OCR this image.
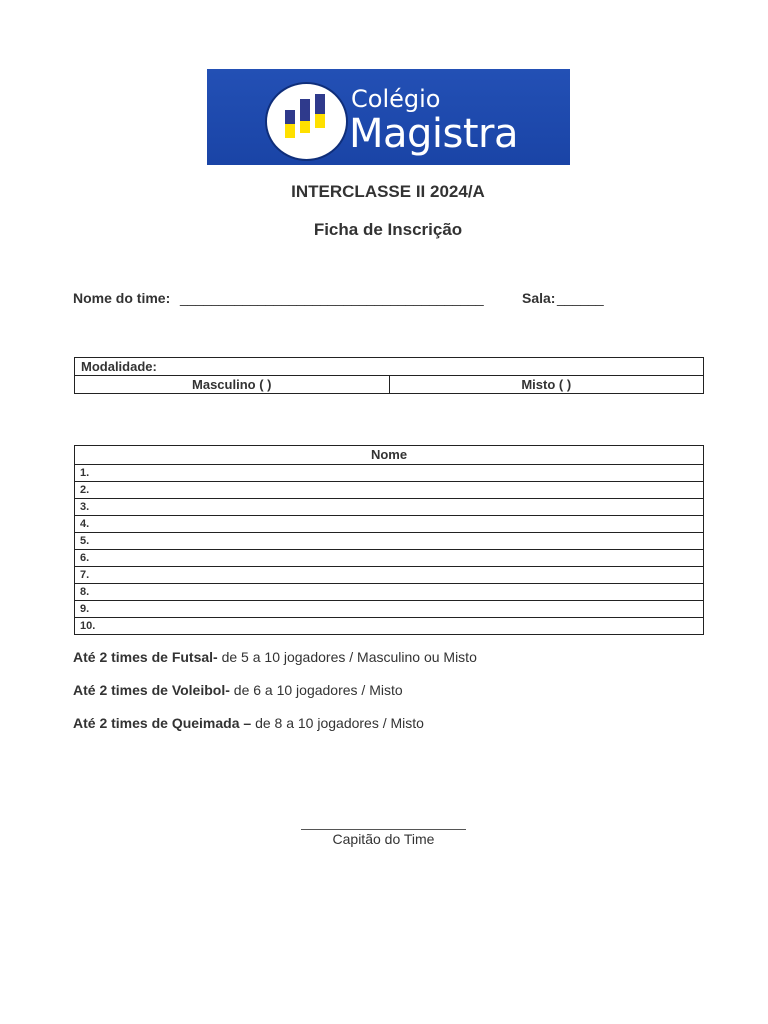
Colégio
Magistra
INTERCLASSE II 2024/A
Ficha de Inscrição
Nome do time: _______________________________________	Sala: ______
Modalidade:
Masculino ( )	Misto ( )
Nome
1.
2.
3.
4.
5.
6.
7.
8.
9.
10.
Até 2 times de Futsal- de 5 a 10 jogadores / Masculino ou Misto
Até 2 times de Voleibol- de 6 a 10 jogadores / Misto
Até 2 times de Queimada – de 8 a 10 jogadores / Misto
Capitão do Time
